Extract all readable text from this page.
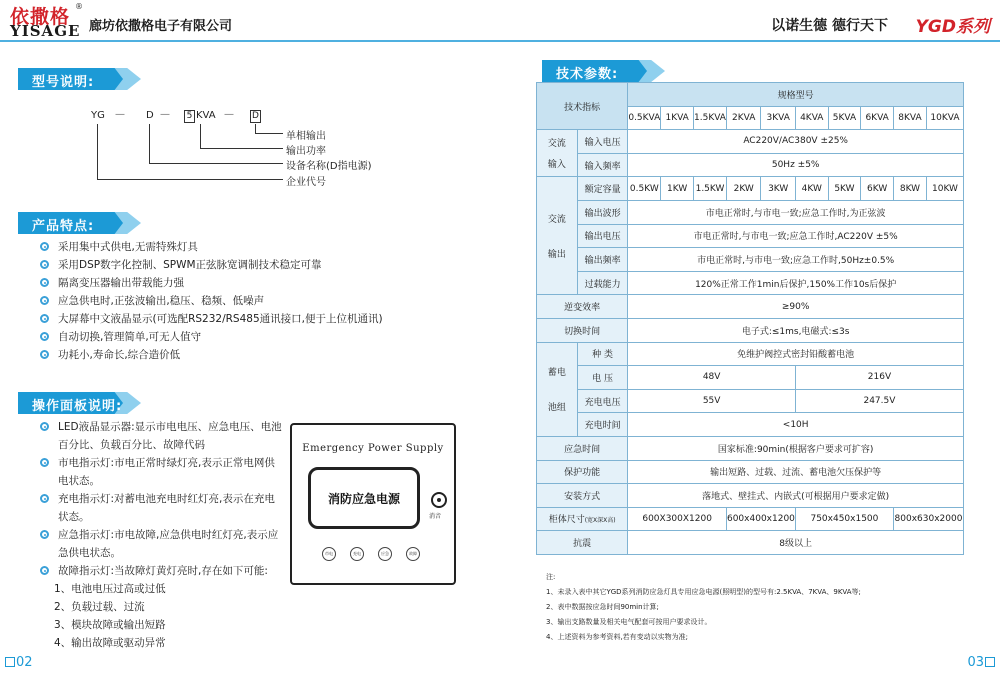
依撒格 ®
YISAGE 廊坊依撒格电子有限公司	YGD系列
以诺生德 德行天下
型号说明:
YG — D — 5 KVA — D
单相输出
输出功率
设备名称(D指电源)
企业代号
产品特点:
采用集中式供电,无需特殊灯具
采用DSP数字化控制、SPWM正弦脉宽调制技术稳定可靠
隔离变压器输出带载能力强
应急供电时,正弦波输出,稳压、稳频、低噪声
大屏幕中文液晶显示(可选配RS232/RS485通讯接口,便于上位机通讯)
自动切换,管理简单,可无人值守
功耗小,寿命长,综合造价低
操作面板说明:
LED液晶显示器:显示市电电压、应急电压、电池百分比、负载百分比、故障代码
市电指示灯:市电正常时绿灯亮,表示正常电网供电状态。
充电指示灯:对蓄电池充电时红灯亮,表示在充电状态。
应急指示灯:市电故障,应急供电时红灯亮,表示应急供电状态。
故障指示灯:当故障灯黄灯亮时,存在如下可能:
1、电池电压过高或过低
2、负载过载、过流
3、模块故障或输出短路
4、输出故障或驱动异常
Emergency Power Supply
消防应急电源
消音
市电	充电	应急	故障
技术参数:
技术指标		规格型号									
		0.5KVA	1KVA	1.5KVA	2KVA	3KVA	4KVA	5KVA	6KVA	8KVA	10KVA

交流
输入	输入电压	AC220V/AC380V ±25%									
	输入频率	50Hz ±5%									

交流
输出	额定容量	0.5KW	1KW	1.5KW	2KW	3KW	4KW	5KW	6KW	8KW	10KW
	输出波形	市电正常时,与市电一致;应急工作时,为正弦波									
	输出电压	市电正常时,与市电一致;应急工作时,AC220V ±5%									
	输出频率	市电正常时,与市电一致;应急工作时,50Hz±0.5%									
	过载能力	120%正常工作1min后保护,150%工作10s后保护									
逆变效率		≥90%									
切换时间		电子式:≤1ms,电磁式:≤3s									

蓄电
池组	种 类	免维护阀控式密封铅酸蓄电池									
	电 压	48V					216V				
	充电电压	55V					247.5V				
	充电时间	<10H									
应急时间		国家标准:90min(根据客户要求可扩容)									
保护功能		输出短路、过载、过流、蓄电池欠压保护等									
安装方式		落地式、壁挂式、内嵌式(可根据用户要求定做)									
柜体尺寸(宽X深X高)		600X300X1200			600x400x1200		750x450x1500			800x630x2000	
抗震		8级以上									
注:
1、未录入表中其它YGD系列消防应急灯具专用应急电源(照明型)的型号有:2.5KVA、7KVA、9KVA等;
2、表中数据按应急时间90min计算;
3、输出支路数量及相关电气配套可按用户要求设计。
4、上述资料为参考资料,若有变动以实物为准;
02	03
